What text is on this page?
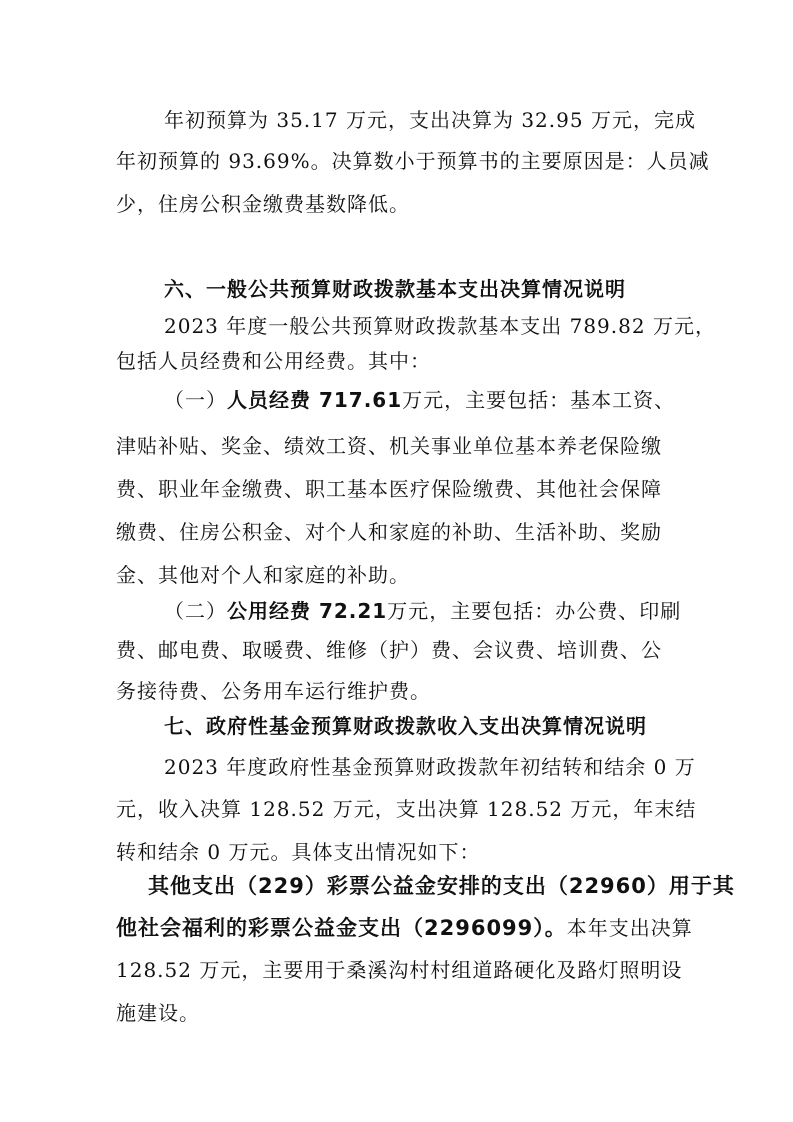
年初预算为 35.17 万元，支出决算为 32.95 万元，完成
年初预算的 93.69%。决算数小于预算书的主要原因是：人员减
少，住房公积金缴费基数降低。
六、一般公共预算财政拨款基本支出决算情况说明
2023 年度一般公共预算财政拨款基本支出 789.82 万元，
包括人员经费和公用经费。其中：
（一）人员经费 717.61万元，主要包括：基本工资、
津贴补贴、奖金、绩效工资、机关事业单位基本养老保险缴
费、职业年金缴费、职工基本医疗保险缴费、其他社会保障
缴费、住房公积金、对个人和家庭的补助、生活补助、奖励
金、其他对个人和家庭的补助。
（二）公用经费 72.21万元，主要包括：办公费、印刷
费、邮电费、取暖费、维修（护）费、会议费、培训费、公
务接待费、公务用车运行维护费。
七、政府性基金预算财政拨款收入支出决算情况说明
2023 年度政府性基金预算财政拨款年初结转和结余 0 万
元，收入决算 128.52 万元，支出决算 128.52 万元，年末结
转和结余 0 万元。具体支出情况如下：
其他支出（229）彩票公益金安排的支出（22960）用于其
他社会福利的彩票公益金支出（2296099）。本年支出决算
128.52 万元，主要用于桑溪沟村村组道路硬化及路灯照明设
施建设。
